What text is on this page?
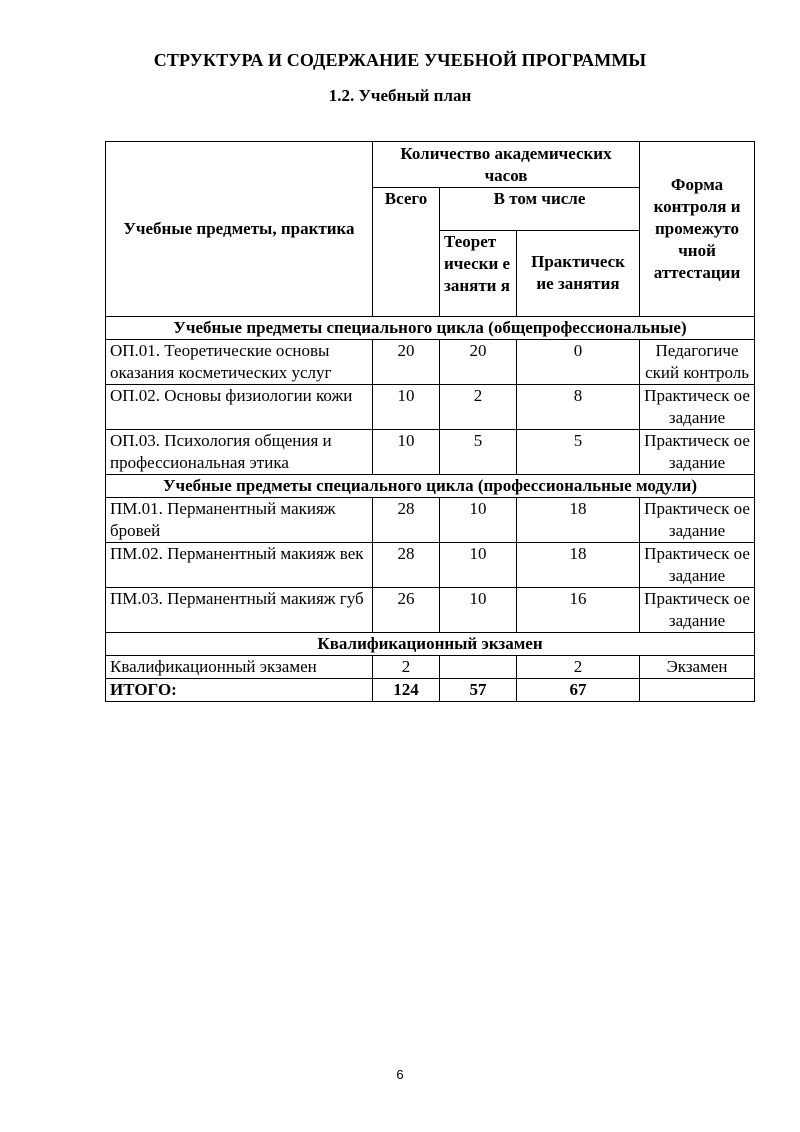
СТРУКТУРА И СОДЕРЖАНИЕ УЧЕБНОЙ ПРОГРАММЫ
1.2. Учебный план
Учебные предметы, практика	Количество академических часов			Форма контроля и промежуто чной аттестации
	Всего	В том числе		
		Теорет ически е заняти я	Практическ ие занятия	
Учебные предметы специального цикла (общепрофессиональные)				
ОП.01. Теоретические основы оказания косметических услуг	20	20	0	Педагогиче ский контроль
ОП.02. Основы физиологии кожи	10	2	8	Практическ ое задание
ОП.03. Психология общения и профессиональная этика	10	5	5	Практическ ое задание
Учебные предметы специального цикла (профессиональные модули)				
ПМ.01. Перманентный макияж бровей	28	10	18	Практическ ое задание
ПМ.02. Перманентный макияж век	28	10	18	Практическ ое задание
ПМ.03. Перманентный макияж губ	26	10	16	Практическ ое задание
Квалификационный экзамен				
Квалификационный экзамен	2		2	Экзамен
ИТОГО:	124	57	67	
6
